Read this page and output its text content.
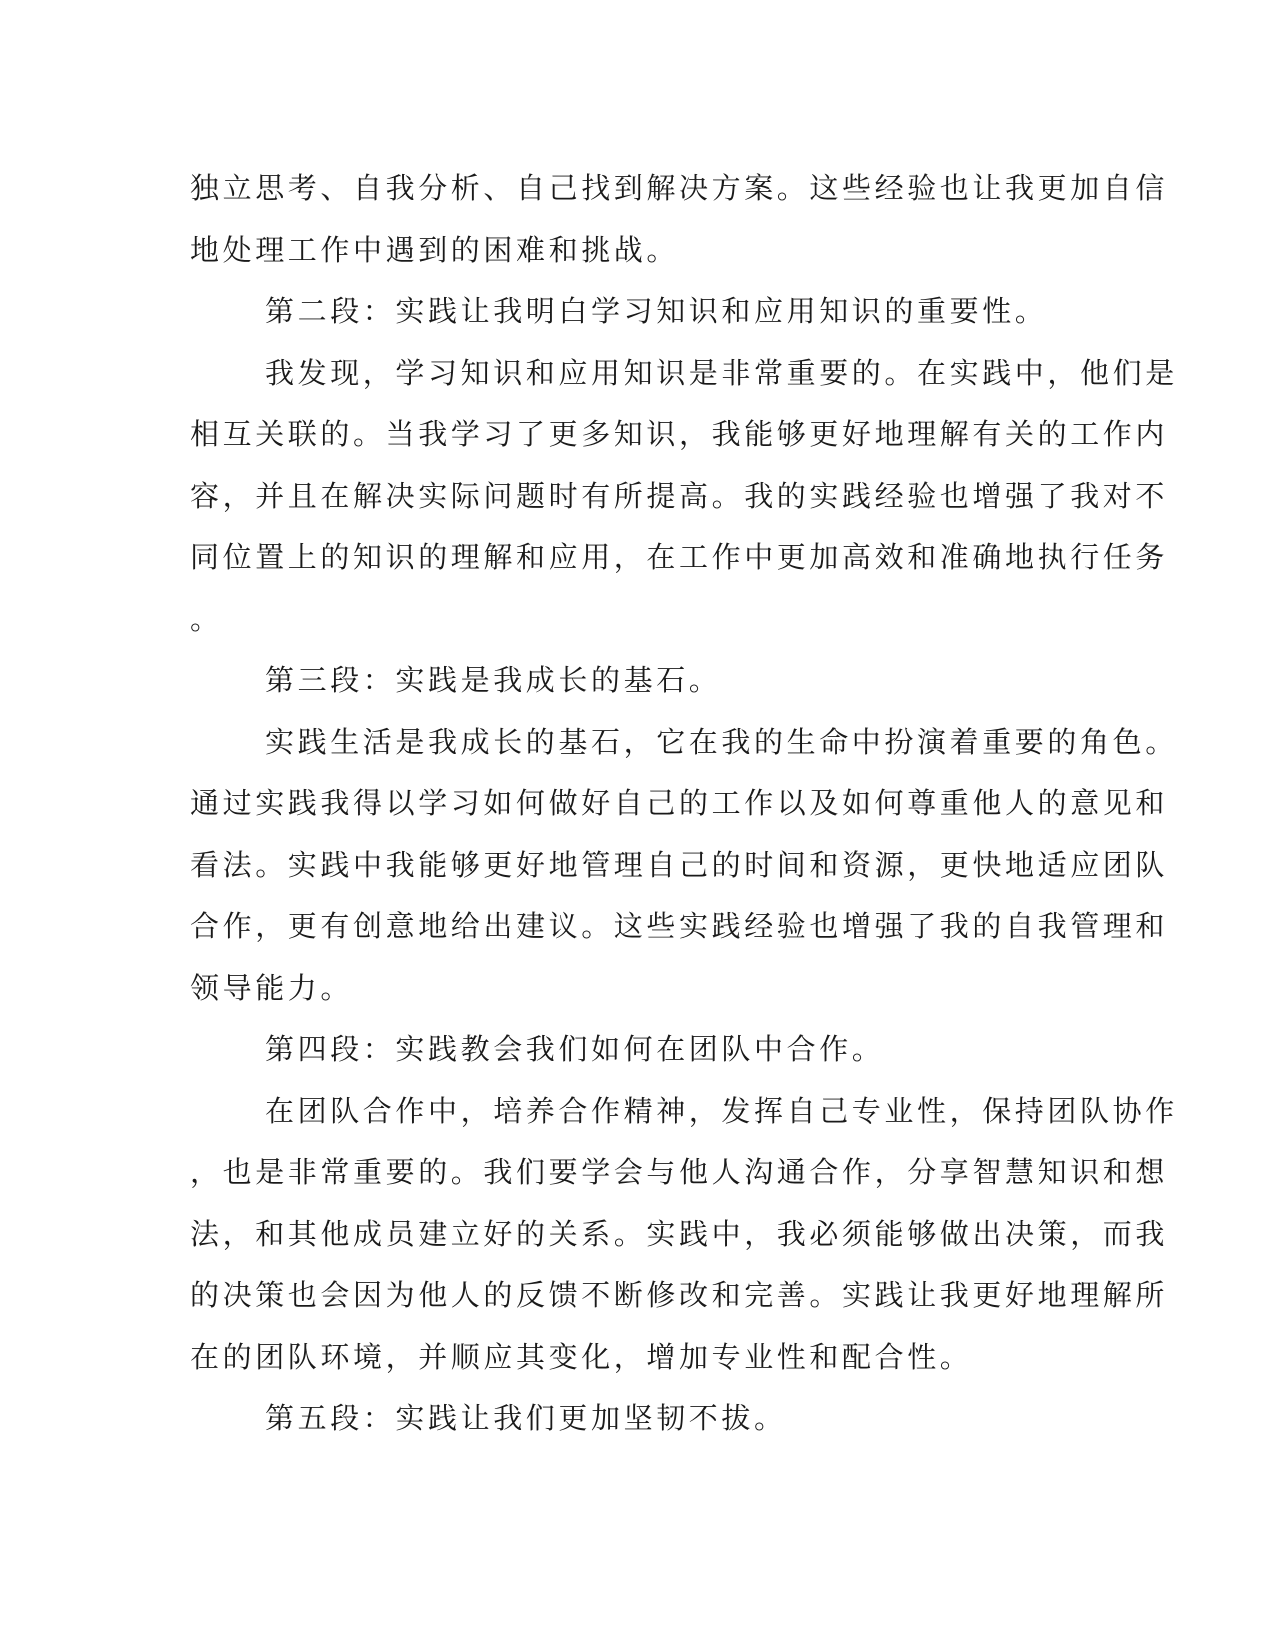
独立思考、自我分析、自己找到解决方案。这些经验也让我更加自信
地处理工作中遇到的困难和挑战。
第二段：实践让我明白学习知识和应用知识的重要性。
我发现，学习知识和应用知识是非常重要的。在实践中，他们是
相互关联的。当我学习了更多知识，我能够更好地理解有关的工作内
容，并且在解决实际问题时有所提高。我的实践经验也增强了我对不
同位置上的知识的理解和应用，在工作中更加高效和准确地执行任务
。
第三段：实践是我成长的基石。
实践生活是我成长的基石，它在我的生命中扮演着重要的角色。
通过实践我得以学习如何做好自己的工作以及如何尊重他人的意见和
看法。实践中我能够更好地管理自己的时间和资源，更快地适应团队
合作，更有创意地给出建议。这些实践经验也增强了我的自我管理和
领导能力。
第四段：实践教会我们如何在团队中合作。
在团队合作中，培养合作精神，发挥自己专业性，保持团队协作
，也是非常重要的。我们要学会与他人沟通合作，分享智慧知识和想
法，和其他成员建立好的关系。实践中，我必须能够做出决策，而我
的决策也会因为他人的反馈不断修改和完善。实践让我更好地理解所
在的团队环境，并顺应其变化，增加专业性和配合性。
第五段：实践让我们更加坚韧不拔。
